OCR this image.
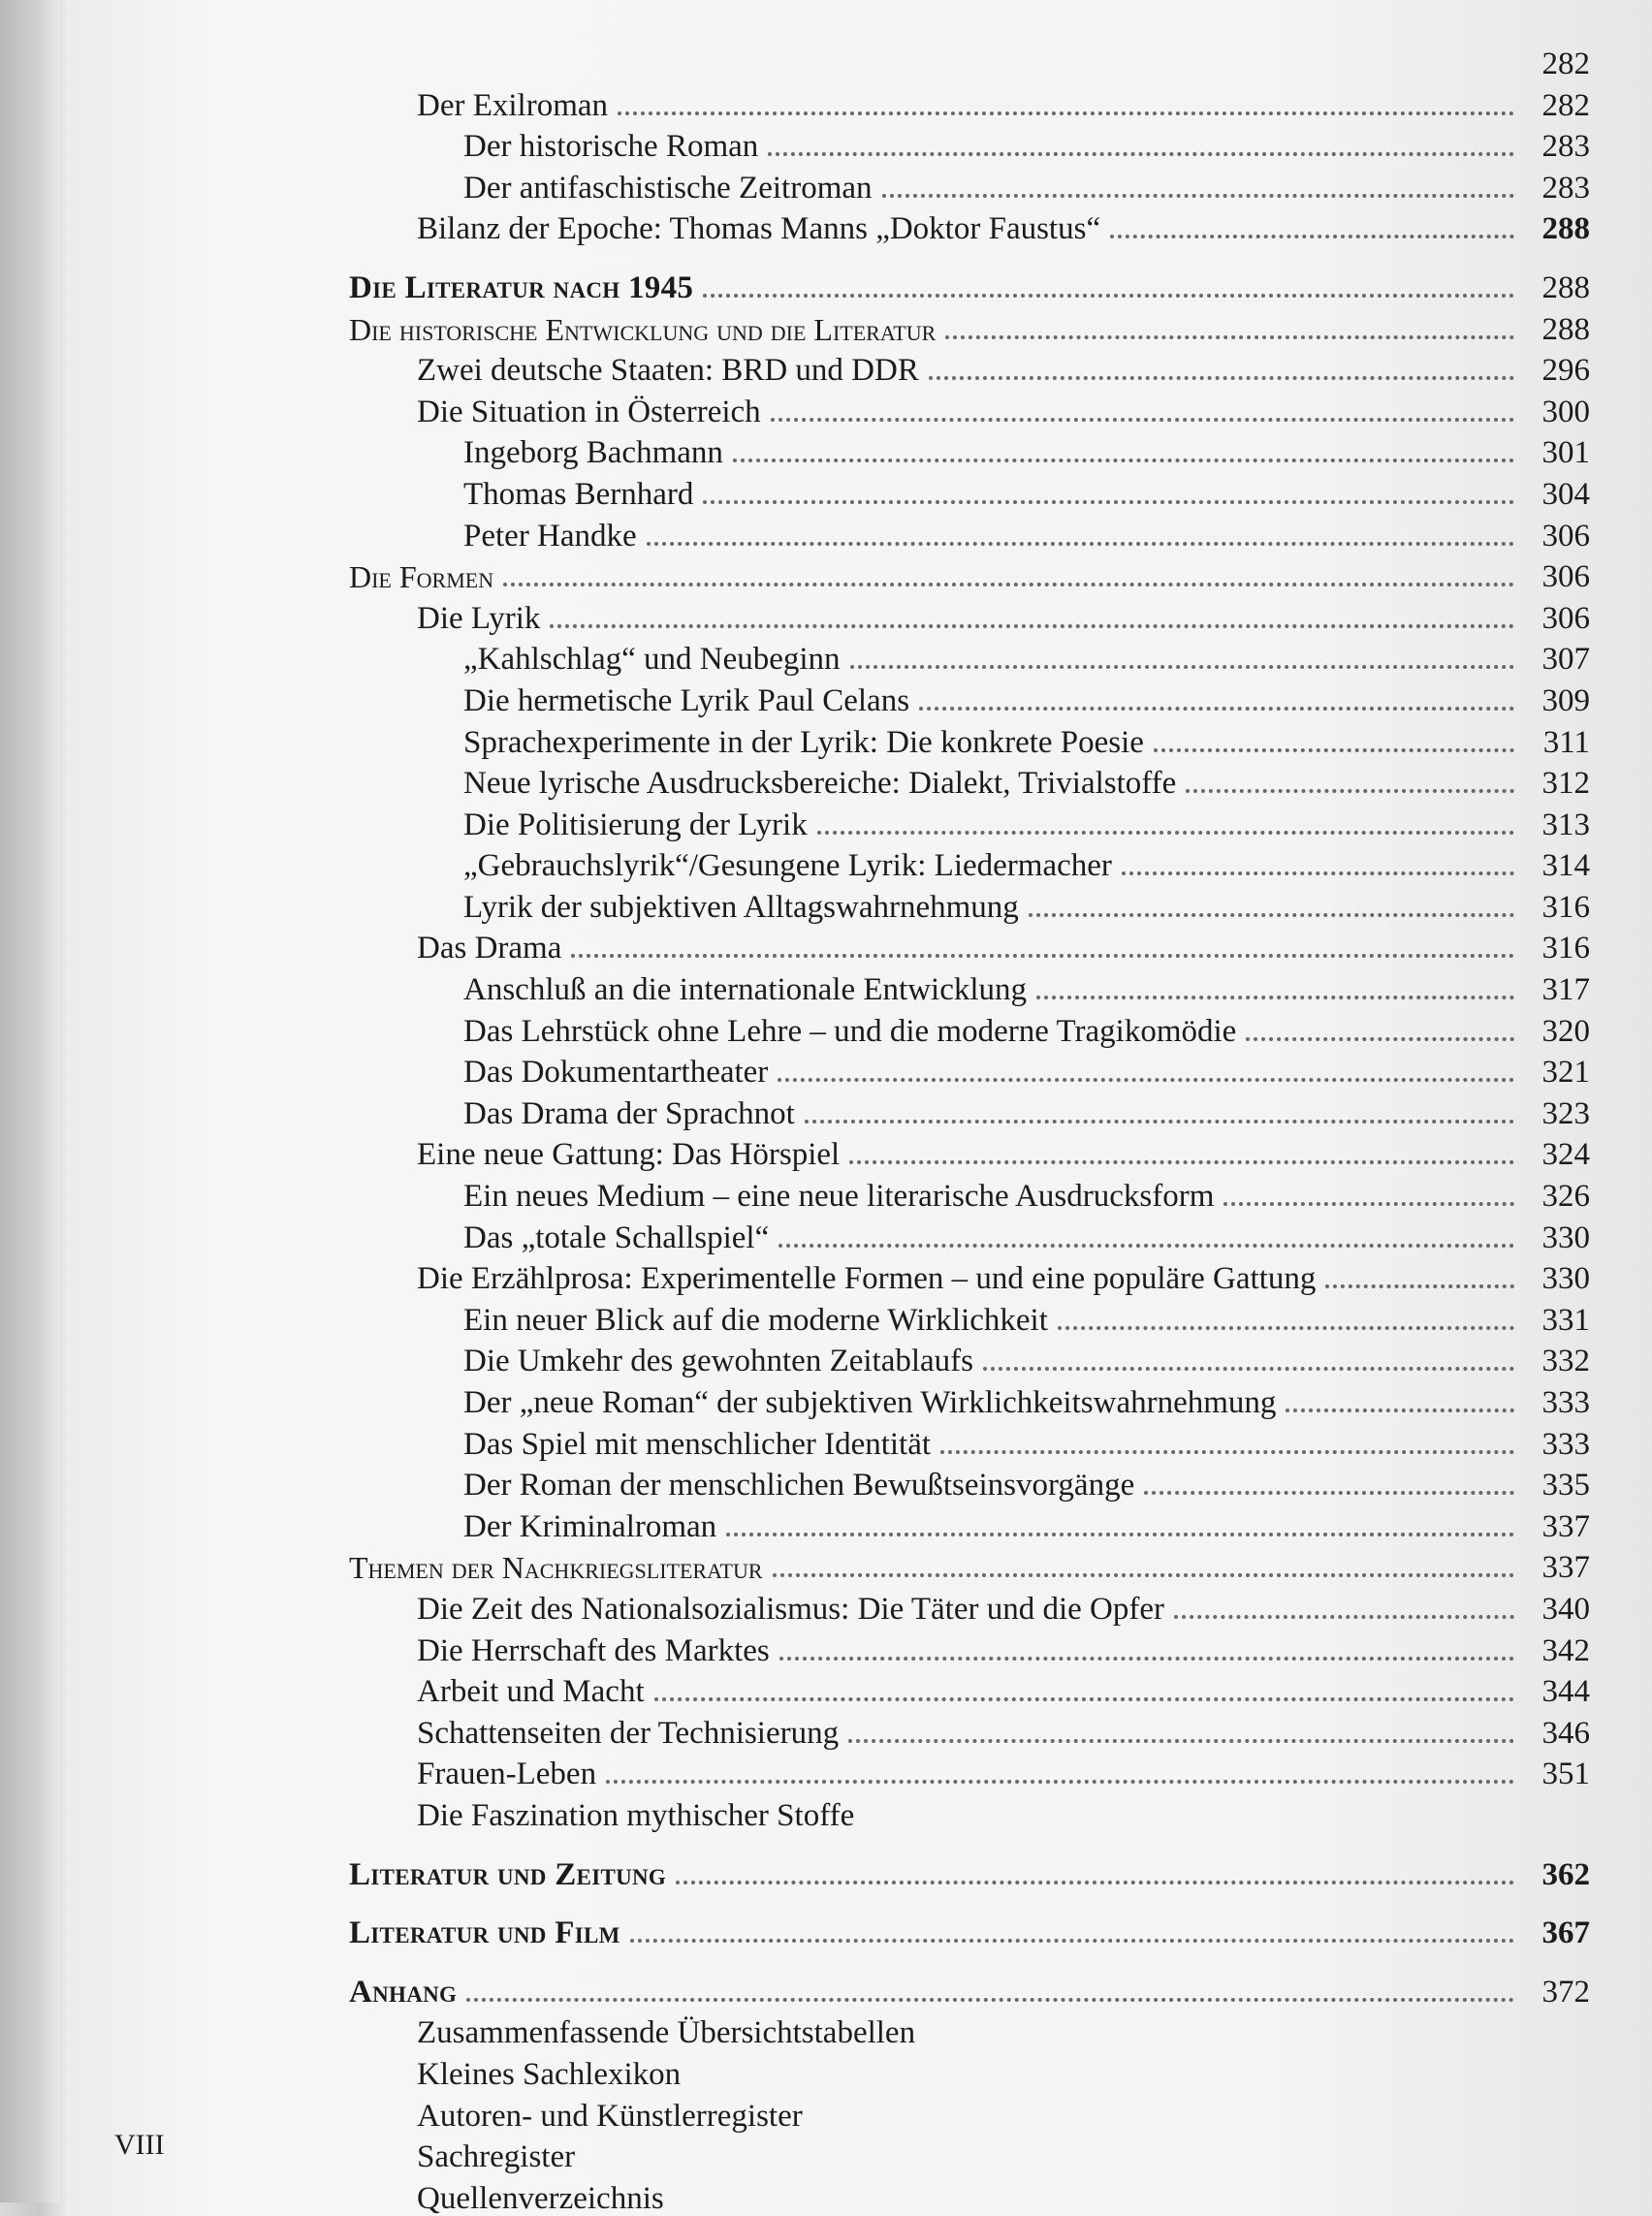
282
Der Exilroman	282
Der historische Roman	283
Der antifaschistische Zeitroman	283
Bilanz der Epoche: Thomas Manns „Doktor Faustus“	288
Die Literatur nach 1945	288
Die historische Entwicklung und die Literatur	288
Zwei deutsche Staaten: BRD und DDR	296
Die Situation in Österreich	300
Ingeborg Bachmann	301
Thomas Bernhard	304
Peter Handke	306
Die Formen	306
Die Lyrik	306
„Kahlschlag“ und Neubeginn	307
Die hermetische Lyrik Paul Celans	309
Sprachexperimente in der Lyrik: Die konkrete Poesie	311
Neue lyrische Ausdrucksbereiche: Dialekt, Trivialstoffe	312
Die Politisierung der Lyrik	313
„Gebrauchslyrik“/Gesungene Lyrik: Liedermacher	314
Lyrik der subjektiven Alltagswahrnehmung	316
Das Drama	316
Anschluß an die internationale Entwicklung	317
Das Lehrstück ohne Lehre – und die moderne Tragikomödie	320
Das Dokumentartheater	321
Das Drama der Sprachnot	323
Eine neue Gattung: Das Hörspiel	324
Ein neues Medium – eine neue literarische Ausdrucksform	326
Das „totale Schallspiel“	330
Die Erzählprosa: Experimentelle Formen – und eine populäre Gattung	330
Ein neuer Blick auf die moderne Wirklichkeit	331
Die Umkehr des gewohnten Zeitablaufs	332
Der „neue Roman“ der subjektiven Wirklichkeitswahrnehmung	333
Das Spiel mit menschlicher Identität	333
Der Roman der menschlichen Bewußtseinsvorgänge	335
Der Kriminalroman	337
Themen der Nachkriegsliteratur	337
Die Zeit des Nationalsozialismus: Die Täter und die Opfer	340
Die Herrschaft des Marktes	342
Arbeit und Macht	344
Schattenseiten der Technisierung	346
Frauen-Leben	351
Die Faszination mythischer Stoffe
Literatur und Zeitung	362
Literatur und Film	367
Anhang	372
Zusammenfassende Übersichtstabellen
Kleines Sachlexikon
Autoren- und Künstlerregister
Sachregister
Quellenverzeichnis
VIII
